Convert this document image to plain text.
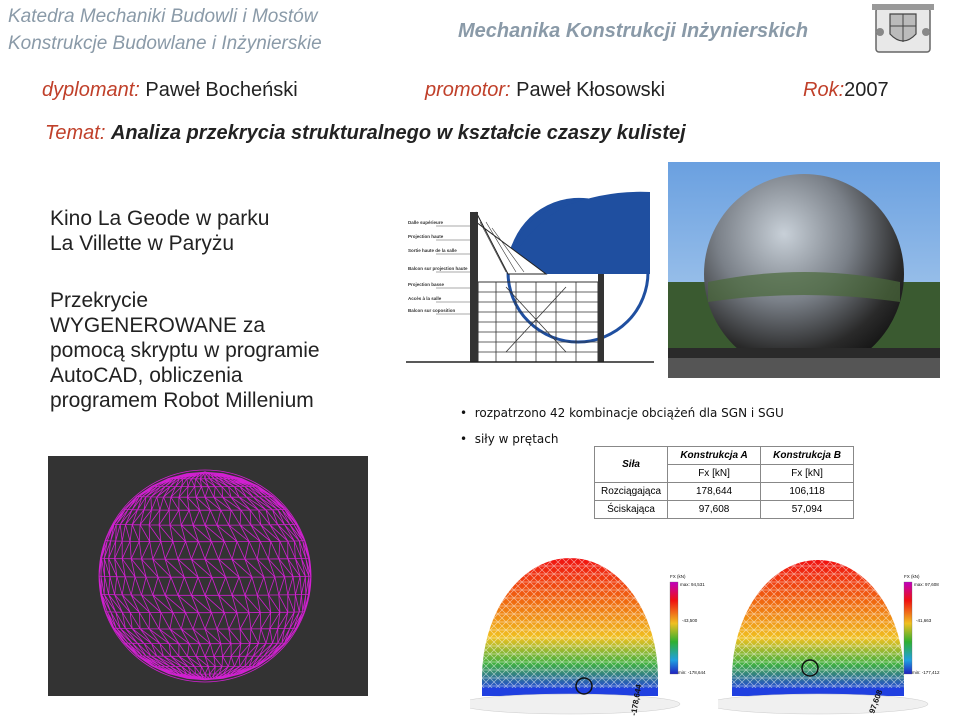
Katedra Mechaniki Budowli i Mostów
Konstrukcje Budowlane i Inżynierskie
Mechanika Konstrukcji Inżynierskich
dyplomant: Paweł Bocheński	promotor: Paweł Kłosowski	Rok:2007
Temat: Analiza przekrycia strukturalnego w kształcie czaszy kulistej
Kino La Geode w parku
La Villette w Paryżu
Przekrycie
WYGENEROWANE za
pomocą skryptu w programie
AutoCAD, obliczenia
programem Robot Millenium
Dalle supérieure
Projection haute
Sortie haute de la salle
Balcon sur projection haute
Projection basse
Accès à la salle
Balcon sur coposition
•  rozpatrzono 42 kombinacje obciążeń dla SGN i SGU
•  siły w prętach
Siła	Konstrukcja A	Konstrukcja B
	Fx [kN]	Fx [kN]
Rozciągająca	178,644	106,118
Ściskająca	97,608	57,094
FX (kN)
max: 94,531
-43,500
min: -178,644
-178,644
FX (kN)
max: 97,608
-41,663
min: -177,412
97,608
